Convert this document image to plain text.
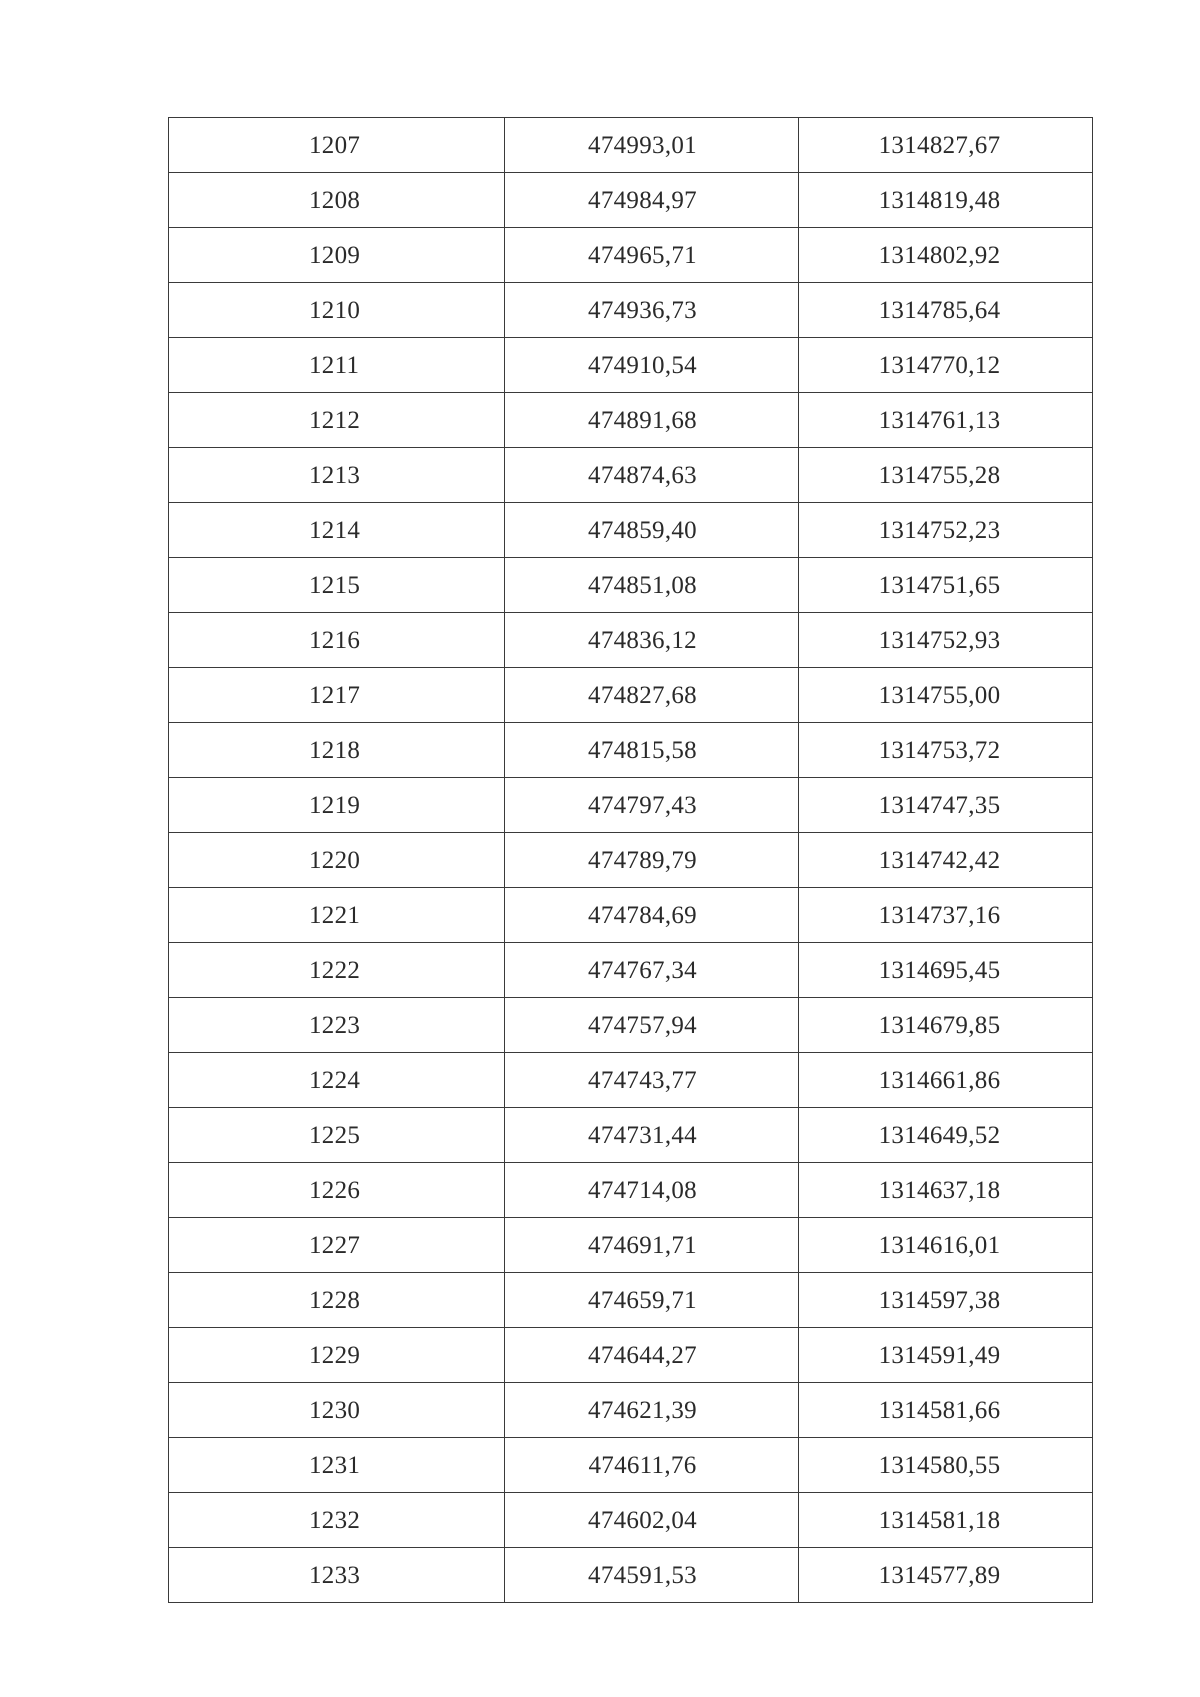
1207	474993,01	1314827,67
1208	474984,97	1314819,48
1209	474965,71	1314802,92
1210	474936,73	1314785,64
1211	474910,54	1314770,12
1212	474891,68	1314761,13
1213	474874,63	1314755,28
1214	474859,40	1314752,23
1215	474851,08	1314751,65
1216	474836,12	1314752,93
1217	474827,68	1314755,00
1218	474815,58	1314753,72
1219	474797,43	1314747,35
1220	474789,79	1314742,42
1221	474784,69	1314737,16
1222	474767,34	1314695,45
1223	474757,94	1314679,85
1224	474743,77	1314661,86
1225	474731,44	1314649,52
1226	474714,08	1314637,18
1227	474691,71	1314616,01
1228	474659,71	1314597,38
1229	474644,27	1314591,49
1230	474621,39	1314581,66
1231	474611,76	1314580,55
1232	474602,04	1314581,18
1233	474591,53	1314577,89
